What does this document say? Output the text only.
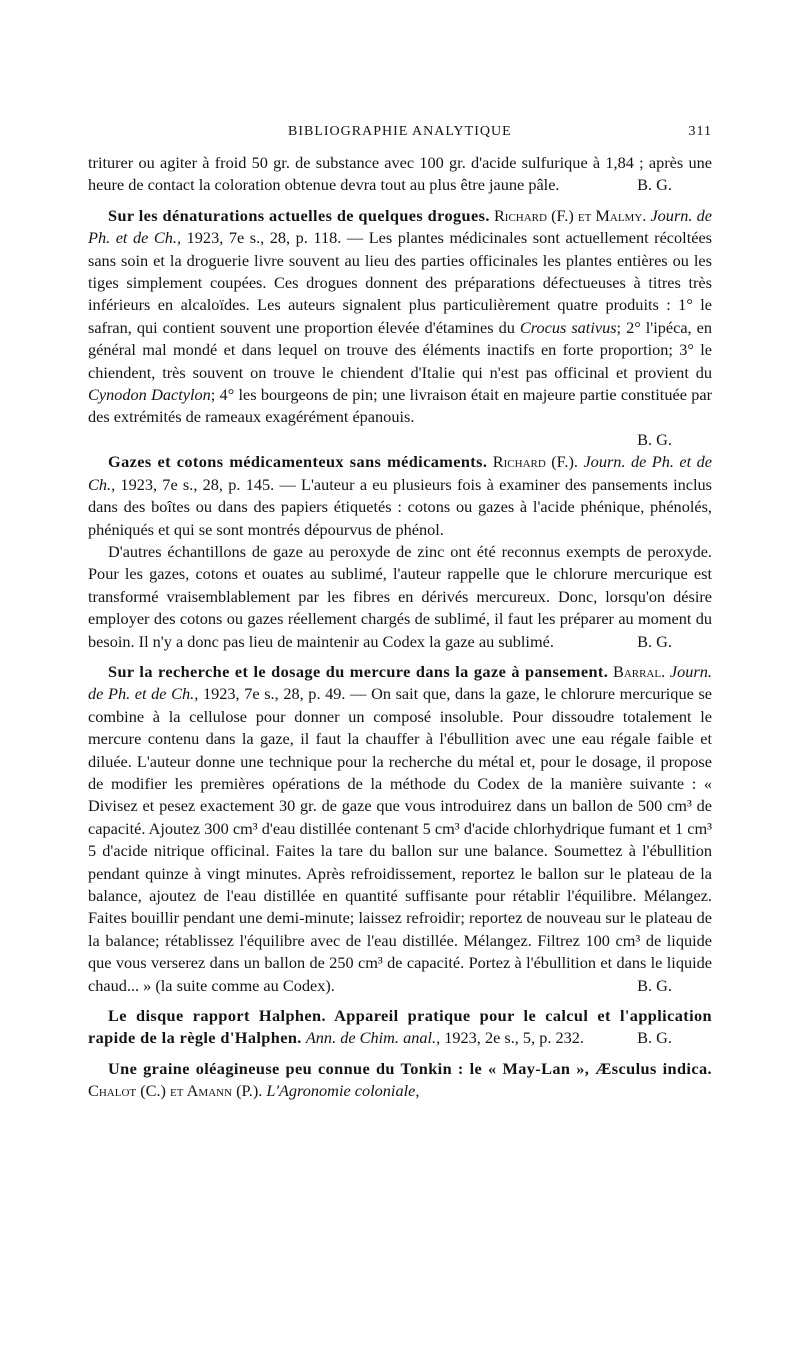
BIBLIOGRAPHIE ANALYTIQUE	311

triturer ou agiter à froid 50 gr. de substance avec 100 gr. d'acide sulfurique à 1,84 ; après une heure de contact la coloration obtenue devra tout au plus être jaune pâle.	B. G.

Sur les dénaturations actuelles de quelques drogues. Richard (F.) et Malmy. Journ. de Ph. et de Ch., 1923, 7e s., 28, p. 118. — Les plantes médicinales sont actuellement récoltées sans soin et la droguerie livre souvent au lieu des parties officinales les plantes entières ou les tiges simplement coupées. Ces drogues donnent des préparations défectueuses à titres très inférieurs en alcaloïdes. Les auteurs signalent plus particulièrement quatre produits : 1° le safran, qui contient souvent une proportion élevée d'étamines du Crocus sativus; 2° l'ipéca, en général mal mondé et dans lequel on trouve des éléments inactifs en forte proportion; 3° le chiendent, très souvent on trouve le chiendent d'Italie qui n'est pas officinal et provient du Cynodon Dactylon; 4° les bourgeons de pin; une livraison était en majeure partie constituée par des extrémités de rameaux exagérément épanouis.

B. G.

Gazes et cotons médicamenteux sans médicaments. Richard (F.). Journ. de Ph. et de Ch., 1923, 7e s., 28, p. 145. — L'auteur a eu plusieurs fois à examiner des pansements inclus dans des boîtes ou dans des papiers étiquetés : cotons ou gazes à l'acide phénique, phénolés, phéniqués et qui se sont montrés dépourvus de phénol.

D'autres échantillons de gaze au peroxyde de zinc ont été reconnus exempts de peroxyde. Pour les gazes, cotons et ouates au sublimé, l'auteur rappelle que le chlorure mercurique est transformé vraisemblablement par les fibres en dérivés mercureux. Donc, lorsqu'on désire employer des cotons ou gazes réellement chargés de sublimé, il faut les préparer au moment du besoin. Il n'y a donc pas lieu de maintenir au Codex la gaze au sublimé.	B. G.

Sur la recherche et le dosage du mercure dans la gaze à pansement. Barral. Journ. de Ph. et de Ch., 1923, 7e s., 28, p. 49. — On sait que, dans la gaze, le chlorure mercurique se combine à la cellulose pour donner un composé insoluble. Pour dissoudre totalement le mercure contenu dans la gaze, il faut la chauffer à l'ébullition avec une eau régale faible et diluée. L'auteur donne une technique pour la recherche du métal et, pour le dosage, il propose de modifier les premières opérations de la méthode du Codex de la manière suivante : « Divisez et pesez exactement 30 gr. de gaze que vous introduirez dans un ballon de 500 cm³ de capacité. Ajoutez 300 cm³ d'eau distillée contenant 5 cm³ d'acide chlorhydrique fumant et 1 cm³ 5 d'acide nitrique officinal. Faites la tare du ballon sur une balance. Soumettez à l'ébullition pendant quinze à vingt minutes. Après refroidissement, reportez le ballon sur le plateau de la balance, ajoutez de l'eau distillée en quantité suffisante pour rétablir l'équilibre. Mélangez. Faites bouillir pendant une demi-minute; laissez refroidir; reportez de nouveau sur le plateau de la balance; rétablissez l'équilibre avec de l'eau distillée. Mélangez. Filtrez 100 cm³ de liquide que vous verserez dans un ballon de 250 cm³ de capacité. Portez à l'ébullition et dans le liquide chaud... » (la suite comme au Codex).	B. G.

Le disque rapport Halphen. Appareil pratique pour le calcul et l'application rapide de la règle d'Halphen. Ann. de Chim. anal., 1923, 2e s., 5, p. 232.	B. G.

Une graine oléagineuse peu connue du Tonkin : le « May-Lan », Æsculus indica. Chalot (C.) et Amann (P.). L'Agronomie coloniale,
